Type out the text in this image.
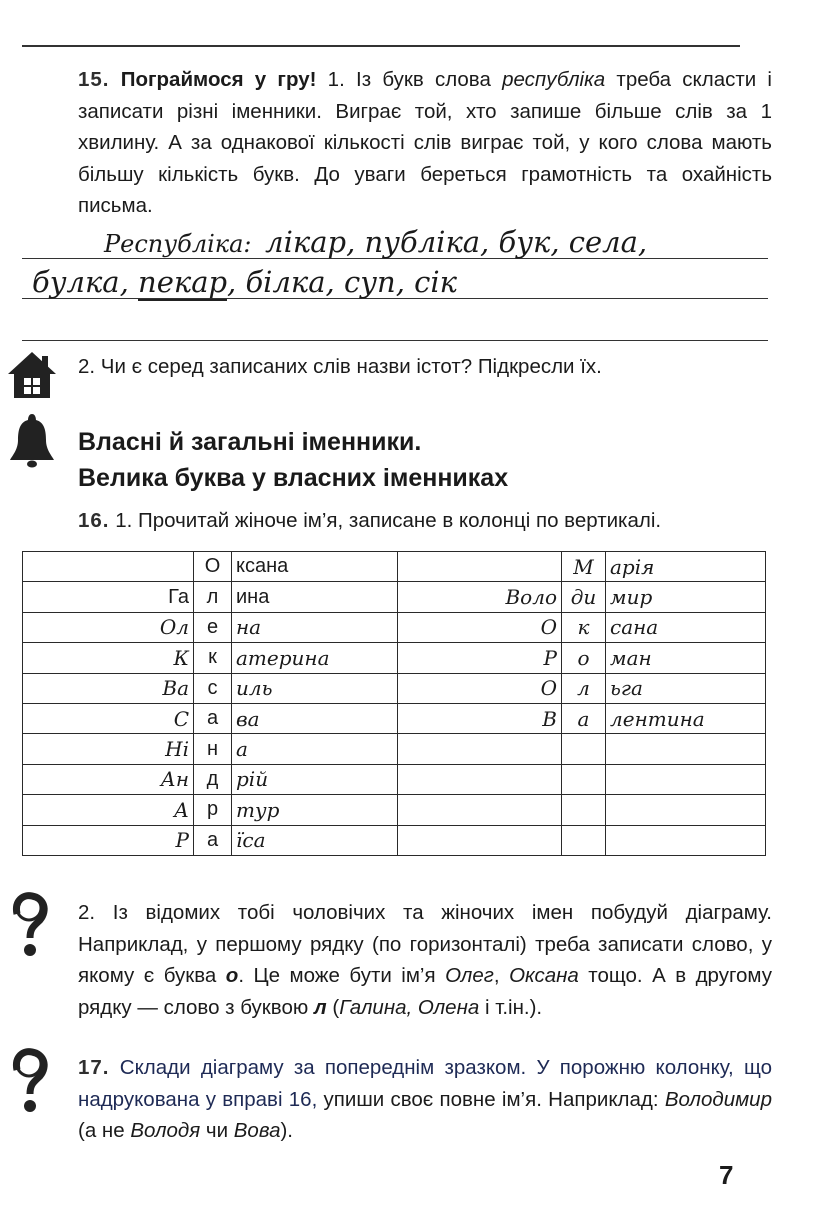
15. Пограймося у гру! 1. Із букв слова республіка треба скласти і записати різні іменники. Виграє той, хто запише більше слів за 1 хвилину. А за однакової кількості слів виграє той, у кого слова мають більшу кількість букв. До уваги береться грамотність та охайність письма.
Республіка: лікар, публіка, бук, села,
булка, пекар, білка, суп, сік
2. Чи є серед записаних слів назви істот? Підкресли їх.
Власні й загальні іменники.
Велика буква у власних іменниках
16. 1. Прочитай жіноче ім’я, записане в колонці по вертикалі.
	О	ксана		М	арія
Га	л	ина	Воло	ди	мир
Ол	е	на	О	к	сана
К	к	атерина	Р	о	ман
Ва	с	иль	О	л	ьга
С	а	ва	В	а	лентина
Ні	н	а			
Ан	д	рій			
А	р	тур			
Р	а	їса			
2. Із відомих тобі чоловічих та жіночих імен побудуй діаграму. Наприклад, у першому рядку (по горизонталі) треба записати слово, у якому є буква о. Це може бути ім’я Олег, Оксана тощо. А в другому рядку — слово з буквою л (Галина, Олена і т.ін.).
17. Склади діаграму за попереднім зразком. У порожню колонку, що надрукована у вправі 16, упиши своє повне ім’я. Наприклад: Володимир (а не Володя чи Вова).
7
